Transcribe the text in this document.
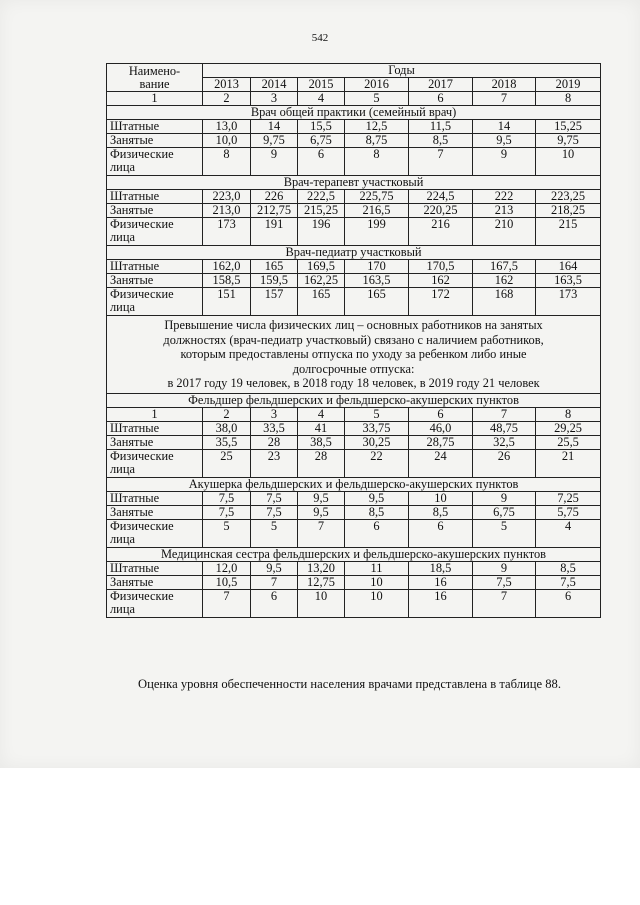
542
Наимено-
вание	Годы						
	2013	2014	2015	2016	2017	2018	2019
1	2	3	4	5	6	7	8
Врач общей практики (семейный врач)							
Штатные	13,0	14	15,5	12,5	11,5	14	15,25
Занятые	10,0	9,75	6,75	8,75	8,5	9,5	9,75
Физические лица	8	9	6	8	7	9	10
Врач-терапевт участковый							
Штатные	223,0	226	222,5	225,75	224,5	222	223,25
Занятые	213,0	212,75	215,25	216,5	220,25	213	218,25
Физические лица	173	191	196	199	216	210	215
Врач-педиатр участковый							
Штатные	162,0	165	169,5	170	170,5	167,5	164
Занятые	158,5	159,5	162,25	163,5	162	162	163,5
Физические лица	151	157	165	165	172	168	173

Превышение числа физических лиц – основных работников на занятых
должностях (врач-педиатр участковый) связано с наличием работников,
которым предоставлены отпуска по уходу за ребенком либо иные
долгосрочные отпуска:
в 2017 году 19 человек, в 2018 году 18 человек, в 2019 году 21 человек							

Фельдшер фельдшерских и фельдшерско-акушерских пунктов							
1	2	3	4	5	6	7	8
Штатные	38,0	33,5	41	33,75	46,0	48,75	29,25
Занятые	35,5	28	38,5	30,25	28,75	32,5	25,5
Физические лица	25	23	28	22	24	26	21
Акушерка фельдшерских и фельдшерско-акушерских пунктов							
Штатные	7,5	7,5	9,5	9,5	10	9	7,25
Занятые	7,5	7,5	9,5	8,5	8,5	6,75	5,75
Физические лица	5	5	7	6	6	5	4
Медицинская сестра фельдшерских и фельдшерско-акушерских пунктов							
Штатные	12,0	9,5	13,20	11	18,5	9	8,5
Занятые	10,5	7	12,75	10	16	7,5	7,5
Физические лица	7	6	10	10	16	7	6
Оценка уровня обеспеченности населения врачами представлена в таблице 88.
